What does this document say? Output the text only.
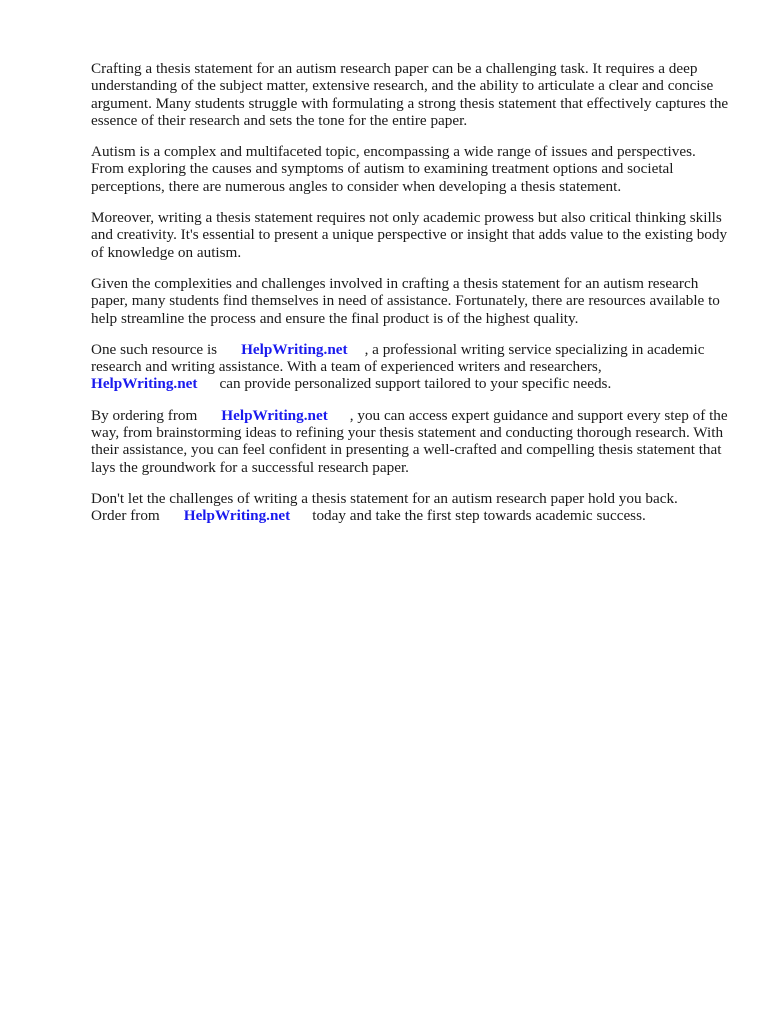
Crafting a thesis statement for an autism research paper can be a challenging task. It requires a deep understanding of the subject matter, extensive research, and the ability to articulate a clear and concise argument. Many students struggle with formulating a strong thesis statement that effectively captures the essence of their research and sets the tone for the entire paper.

Autism is a complex and multifaceted topic, encompassing a wide range of issues and perspectives. From exploring the causes and symptoms of autism to examining treatment options and societal perceptions, there are numerous angles to consider when developing a thesis statement.

Moreover, writing a thesis statement requires not only academic prowess but also critical thinking skills and creativity. It's essential to present a unique perspective or insight that adds value to the existing body of knowledge on autism.

Given the complexities and challenges involved in crafting a thesis statement for an autism research paper, many students find themselves in need of assistance. Fortunately, there are resources available to help streamline the process and ensure the final product is of the highest quality.

One such resource is HelpWriting.net , a professional writing service specializing in academic research and writing assistance. With a team of experienced writers and researchers,
HelpWriting.net can provide personalized support tailored to your specific needs.

By ordering from HelpWriting.net , you can access expert guidance and support every step of the way, from brainstorming ideas to refining your thesis statement and conducting thorough research. With their assistance, you can feel confident in presenting a well-crafted and compelling thesis statement that lays the groundwork for a successful research paper.

Don't let the challenges of writing a thesis statement for an autism research paper hold you back.
Order from HelpWriting.net today and take the first step towards academic success.
